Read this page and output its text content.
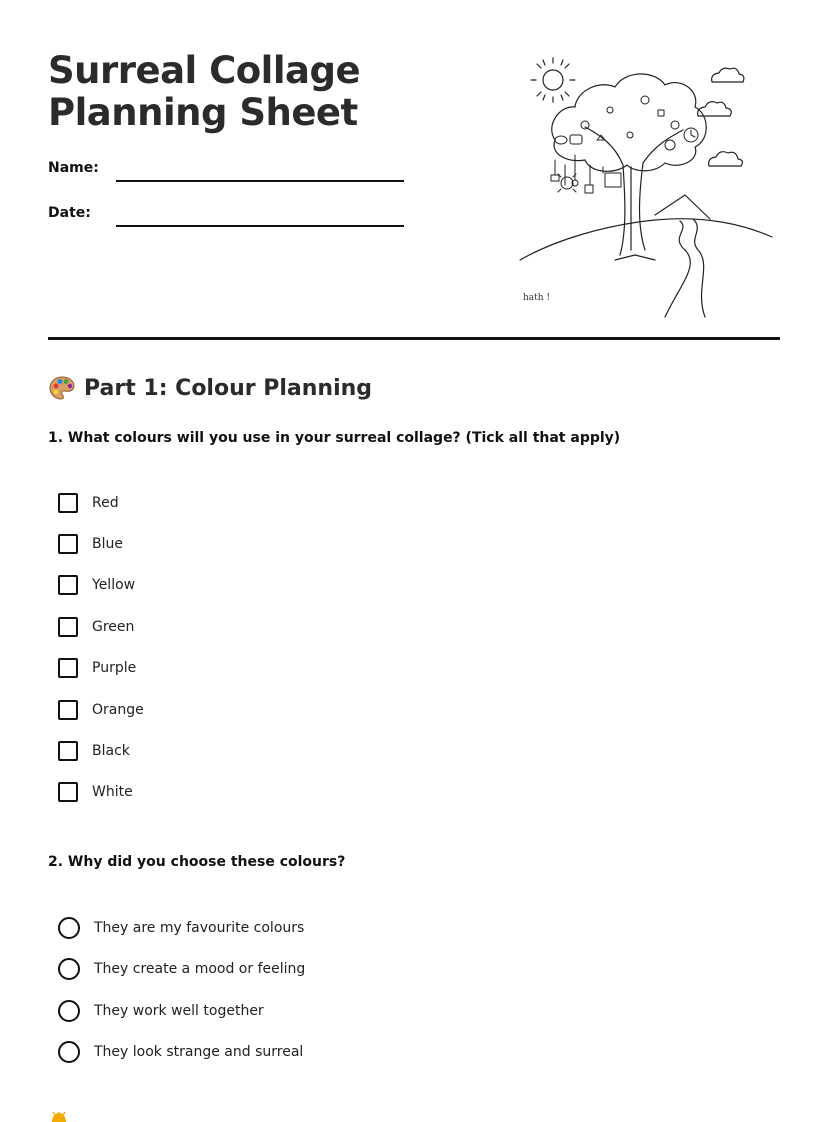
Surreal Collage
Planning Sheet
Name:
Date:
hath !
Part 1: Colour Planning

1. What colours will you use in your surreal collage? (Tick all that apply)

Red
Blue
Yellow
Green
Purple
Orange
Black
White

2. Why did you choose these colours?

They are my favourite colours
They create a mood or feeling
They work well together
They look strange and surreal
